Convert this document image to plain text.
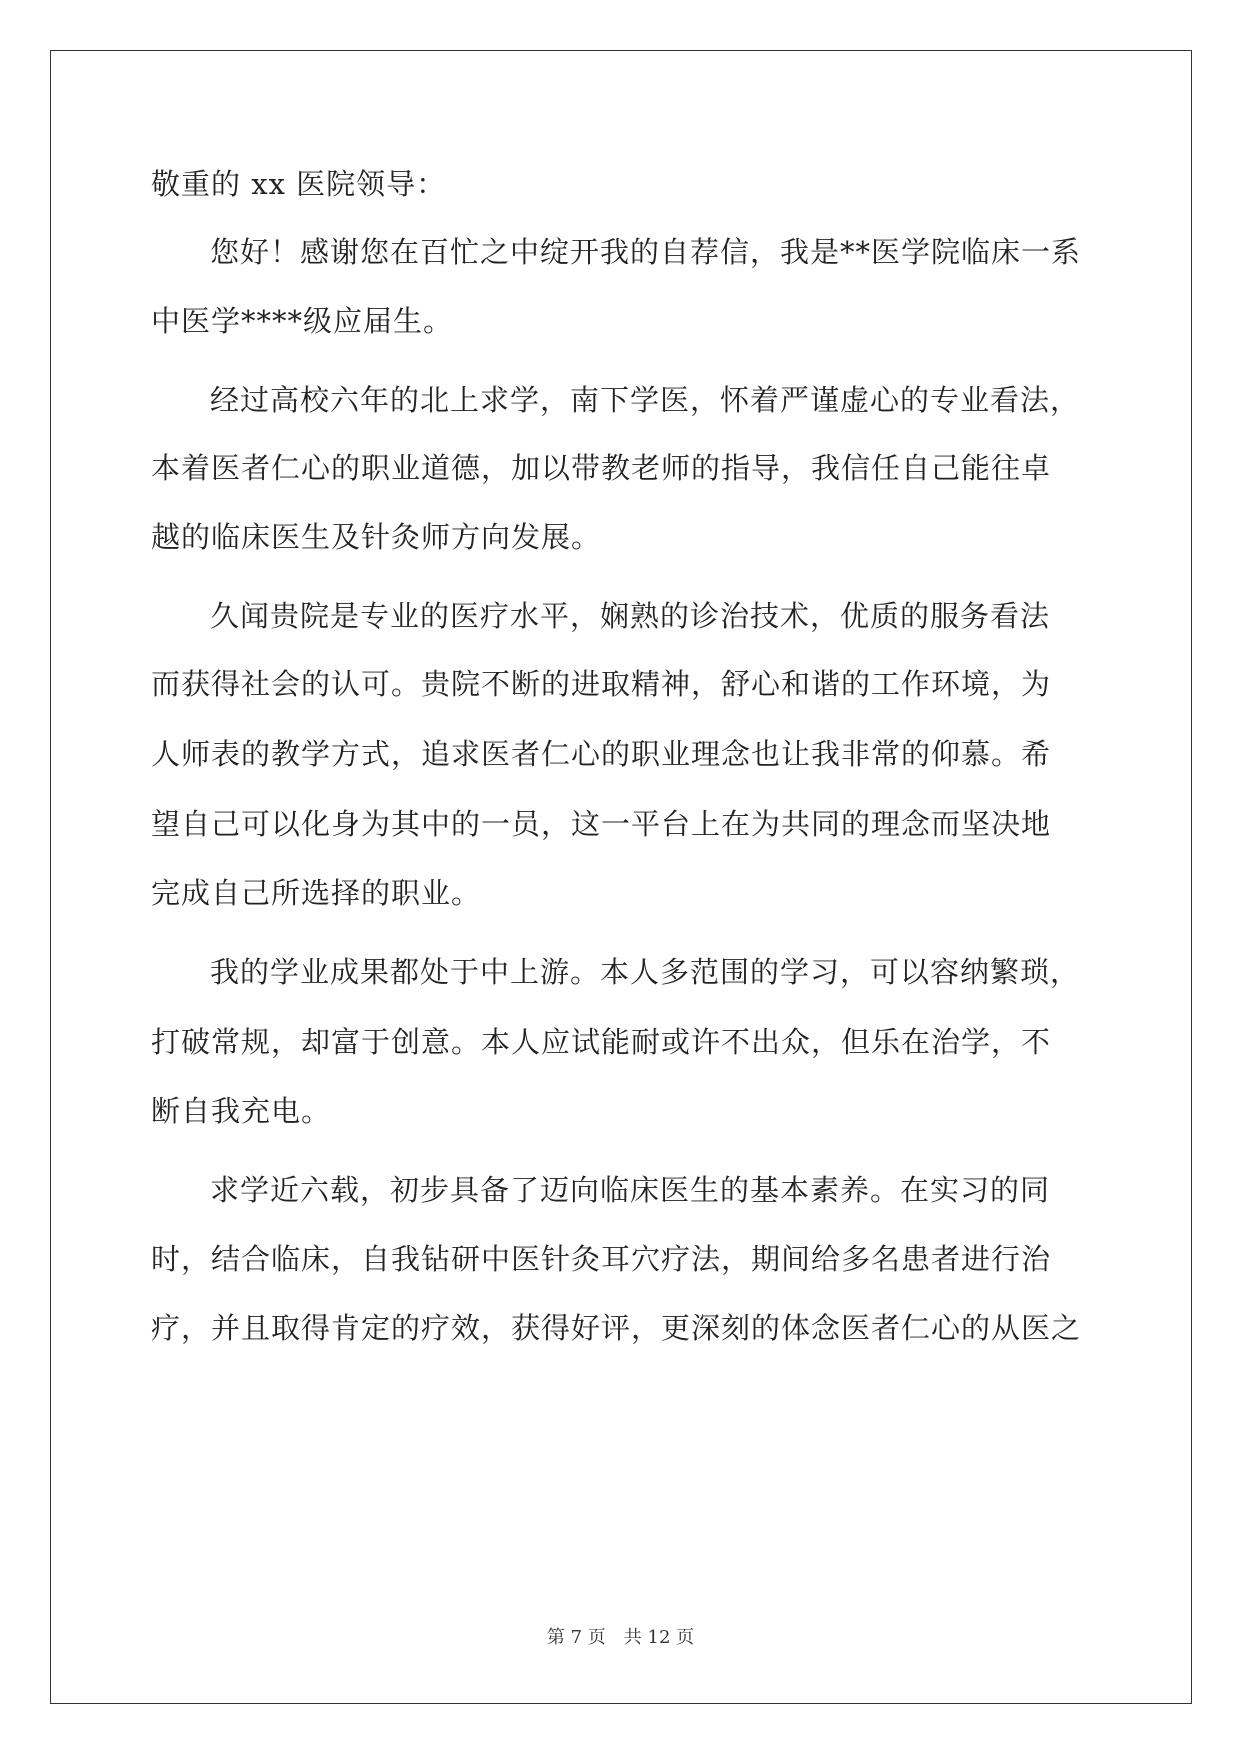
敬重的 xx 医院领导：
您好！感谢您在百忙之中绽开我的自荐信，我是**医学院临床一系
中医学****级应届生。
经过高校六年的北上求学，南下学医，怀着严谨虚心的专业看法，
本着医者仁心的职业道德，加以带教老师的指导，我信任自己能往卓
越的临床医生及针灸师方向发展。
久闻贵院是专业的医疗水平，娴熟的诊治技术，优质的服务看法
而获得社会的认可。贵院不断的进取精神，舒心和谐的工作环境，为
人师表的教学方式，追求医者仁心的职业理念也让我非常的仰慕。希
望自己可以化身为其中的一员，这一平台上在为共同的理念而坚决地
完成自己所选择的职业。
我的学业成果都处于中上游。本人多范围的学习，可以容纳繁琐，
打破常规，却富于创意。本人应试能耐或许不出众，但乐在治学，不
断自我充电。
求学近六载，初步具备了迈向临床医生的基本素养。在实习的同
时，结合临床，自我钻研中医针灸耳穴疗法，期间给多名患者进行治
疗，并且取得肯定的疗效，获得好评，更深刻的体念医者仁心的从医之
第 7 页　共 12 页
